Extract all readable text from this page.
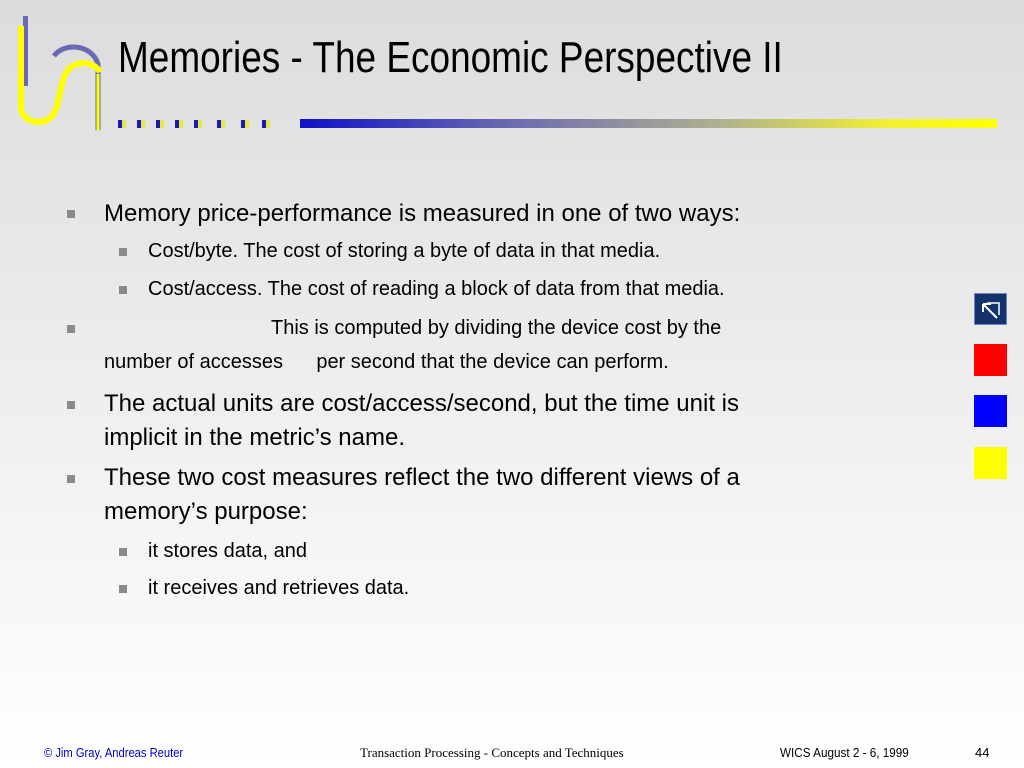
Memories - The Economic Perspective II
Memory price-performance is measured in one of two ways:
Cost/byte. The cost of storing a byte of data in that media.
Cost/access. The cost of reading a block of data from that media.
This is computed by dividing the device cost by the
number of accesses      per second that the device can perform.
The actual units are cost/access/second, but the time unit is
implicit in the metric’s name.
These two cost measures reflect the two different views of a
memory’s purpose:
it stores data, and
it receives and retrieves data.
© Jim Gray, Andreas Reuter	Transaction Processing - Concepts and Techniques	WICS August 2 - 6, 1999	44
